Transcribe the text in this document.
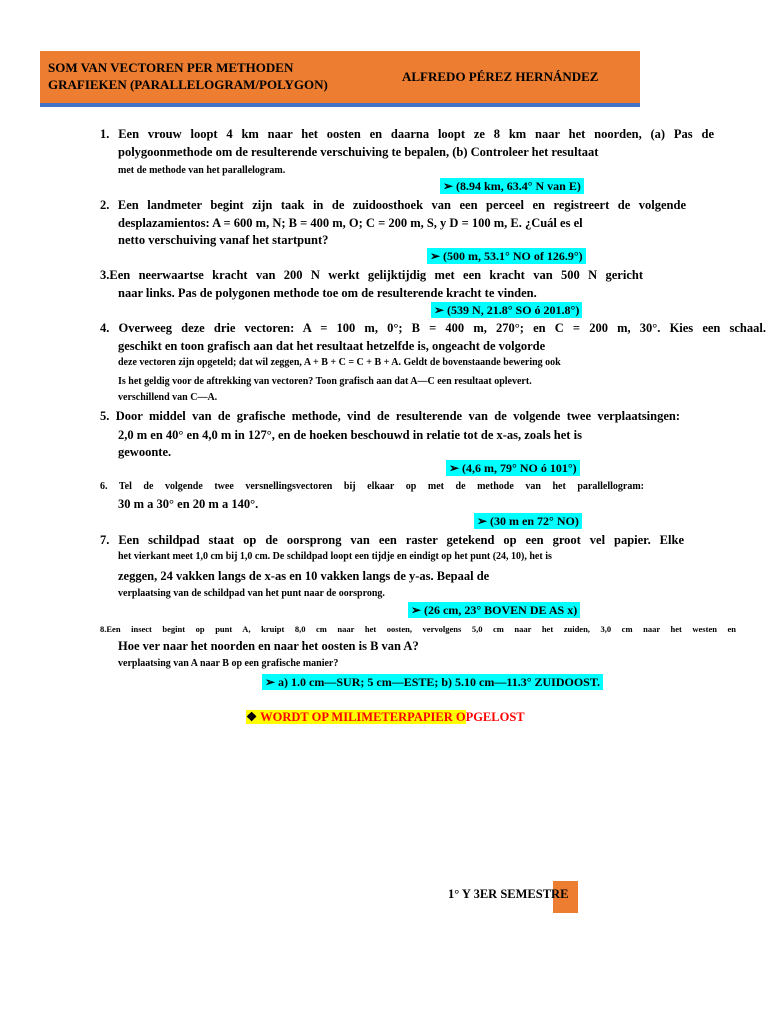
SOM VAN VECTOREN PER METHODEN
GRAFIEKEN (PARALLELOGRAM/POLYGON)
ALFREDO PÉREZ HERNÁNDEZ
1. Een vrouw loopt 4 km naar het oosten en daarna loopt ze 8 km naar het noorden, (a) Pas de
polygoonmethode om de resulterende verschuiving te bepalen, (b) Controleer het resultaat
met de methode van het parallelogram.
➢ (8.94 km, 63.4° N van E)
2. Een landmeter begint zijn taak in de zuidoosthoek van een perceel en registreert de volgende
desplazamientos: A = 600 m, N; B = 400 m, O; C = 200 m, S, y D = 100 m, E. ¿Cuál es el
netto verschuiving vanaf het startpunt?
➢ (500 m, 53.1° NO of 126.9°)
3.Een neerwaartse kracht van 200 N werkt gelijktijdig met een kracht van 500 N gericht
naar links. Pas de polygonen methode toe om de resulterende kracht te vinden.
➢ (539 N, 21.8° SO ó 201.8°)
4. Overweeg deze drie vectoren: A = 100 m, 0°; B = 400 m, 270°; en C = 200 m, 30°. Kies een schaal.
geschikt en toon grafisch aan dat het resultaat hetzelfde is, ongeacht de volgorde
deze vectoren zijn opgeteld; dat wil zeggen, A + B + C = C + B + A. Geldt de bovenstaande bewering ook
Is het geldig voor de aftrekking van vectoren? Toon grafisch aan dat A—C een resultaat oplevert.
verschillend van C—A.
5. Door middel van de grafische methode, vind de resulterende van de volgende twee verplaatsingen:
2,0 m en 40° en 4,0 m in 127°, en de hoeken beschouwd in relatie tot de x-as, zoals het is
gewoonte.
➢ (4,6 m, 79° NO ó 101°)
6. Tel de volgende twee versnellingsvectoren bij elkaar op met de methode van het parallellogram:
30 m a 30° en 20 m a 140°.
➢ (30 m en 72° NO)
7. Een schildpad staat op de oorsprong van een raster getekend op een groot vel papier. Elke
het vierkant meet 1,0 cm bij 1,0 cm. De schildpad loopt een tijdje en eindigt op het punt (24, 10), het is
zeggen, 24 vakken langs de x-as en 10 vakken langs de y-as. Bepaal de
verplaatsing van de schildpad van het punt naar de oorsprong.
➢ (26 cm, 23° BOVEN DE AS x)
8.Een insect begint op punt A, kruipt 8,0 cm naar het oosten, vervolgens 5,0 cm naar het zuiden, 3,0 cm naar het westen en
Hoe ver naar het noorden en naar het oosten is B van A?
verplaatsing van A naar B op een grafische manier?
➢ a) 1.0 cm—SUR; 5 cm—ESTE; b) 5.10 cm—11.3° ZUIDOOST.
❖ WORDT OP MILIMETERPAPIER OPGELOST
1° Y 3ER SEMESTRE
